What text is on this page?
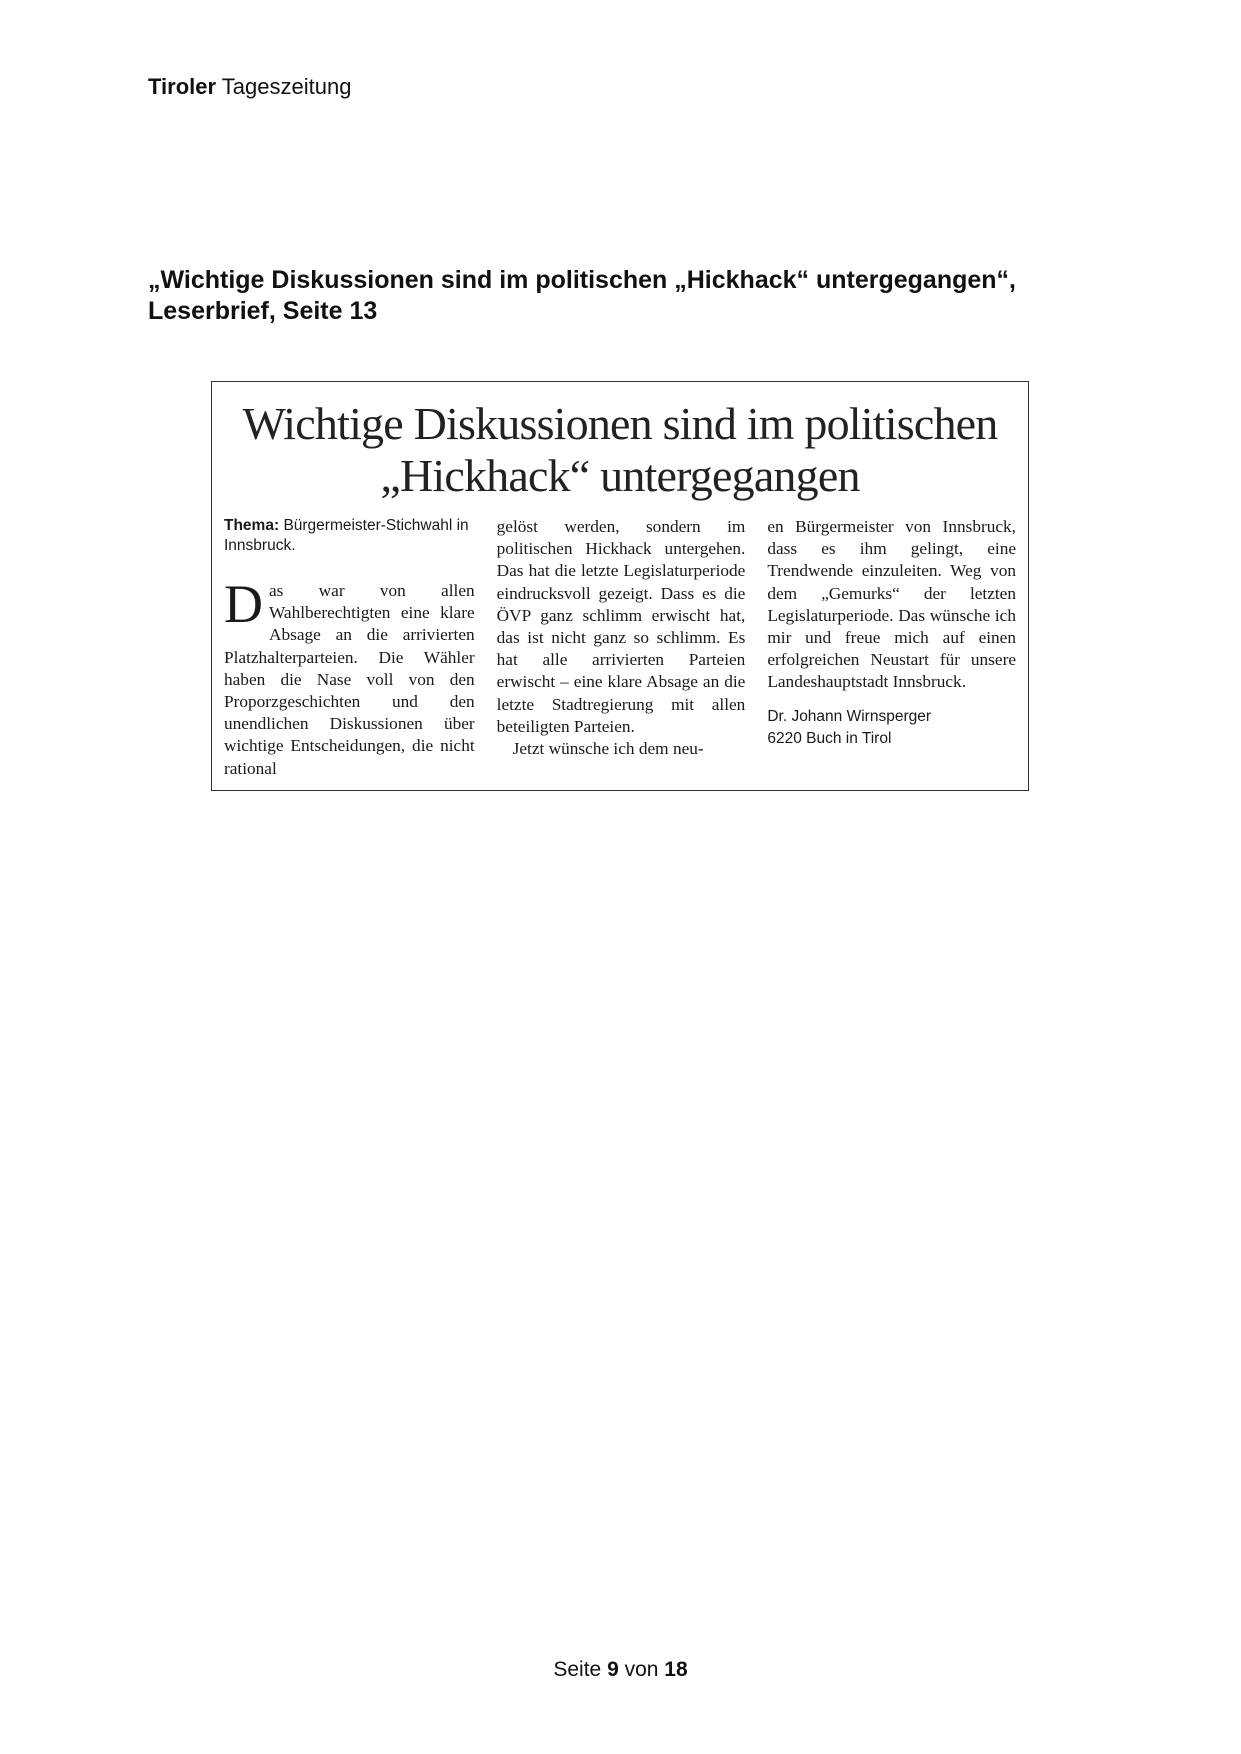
Tiroler Tageszeitung
„Wichtige Diskussionen sind im politischen „Hickhack“ untergegangen“,
Leserbrief, Seite 13
Wichtige Diskussionen sind im politischen
„Hickhack“ untergegangen
Thema: Bürgermeister-Stichwahl in Innsbruck.
D as war von allen Wahlberechtigten eine klare Absage an die arrivierten Platzhalterparteien. Die Wähler haben die Nase voll von den Proporzgeschichten und den unendlichen Diskussionen über wichtige Entscheidungen, die nicht rational
gelöst werden, sondern im politischen Hickhack untergehen. Das hat die letzte Legislaturperiode eindrucksvoll gezeigt. Dass es die ÖVP ganz schlimm erwischt hat, das ist nicht ganz so schlimm. Es hat alle arrivierten Parteien erwischt – eine klare Absage an die letzte Stadtregierung mit allen beteiligten Parteien.
Jetzt wünsche ich dem neu-
en Bürgermeister von Innsbruck, dass es ihm gelingt, eine Trendwende einzuleiten. Weg von dem „Gemurks“ der letzten Legislaturperiode. Das wünsche ich mir und freue mich auf einen erfolgreichen Neustart für unsere Landeshauptstadt Innsbruck.
Dr. Johann Wirnsperger
6220 Buch in Tirol
Seite 9 von 18
